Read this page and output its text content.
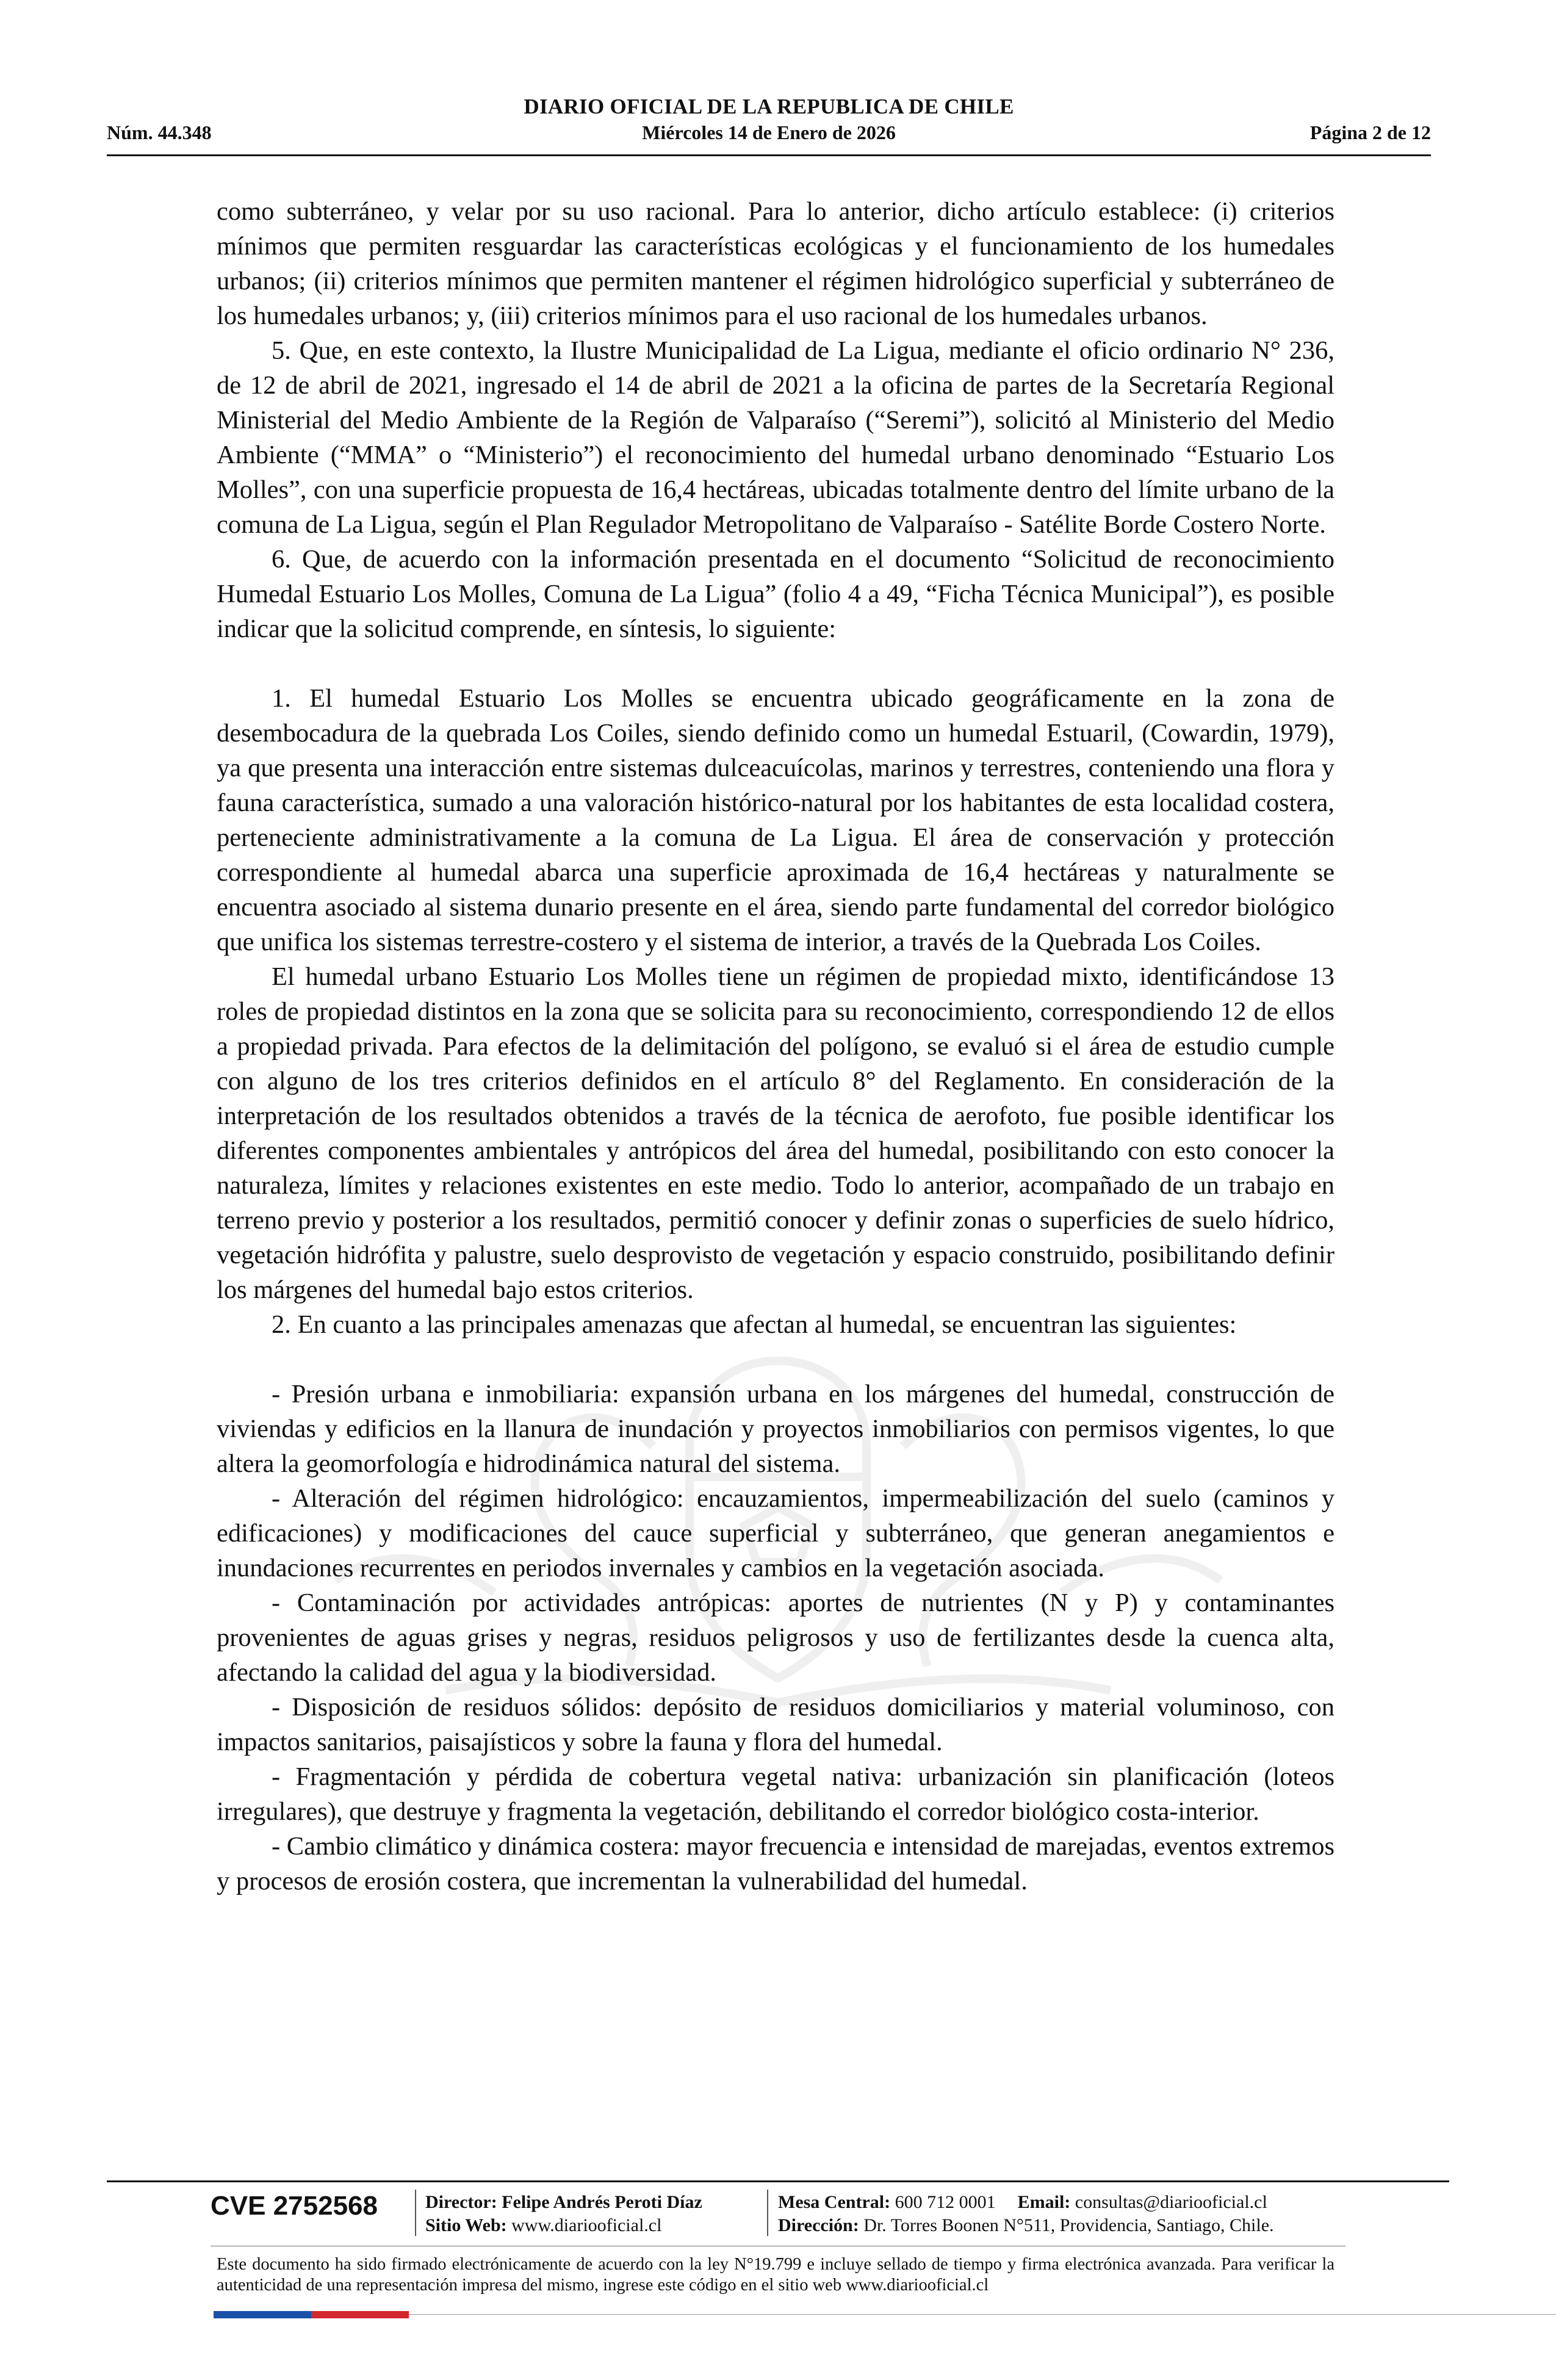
DIARIO OFICIAL DE LA REPUBLICA DE CHILE
Núm. 44.348	Miércoles 14 de Enero de 2026	Página 2 de 12

como subterráneo, y velar por su uso racional. Para lo anterior, dicho artículo establece: (i) criterios mínimos que permiten resguardar las características ecológicas y el funcionamiento de los humedales urbanos; (ii) criterios mínimos que permiten mantener el régimen hidrológico superficial y subterráneo de los humedales urbanos; y, (iii) criterios mínimos para el uso racional de los humedales urbanos.

5. Que, en este contexto, la Ilustre Municipalidad de La Ligua, mediante el oficio ordinario N° 236, de 12 de abril de 2021, ingresado el 14 de abril de 2021 a la oficina de partes de la Secretaría Regional Ministerial del Medio Ambiente de la Región de Valparaíso (“Seremi”), solicitó al Ministerio del Medio Ambiente (“MMA” o “Ministerio”) el reconocimiento del humedal urbano denominado “Estuario Los Molles”, con una superficie propuesta de 16,4 hectáreas, ubicadas totalmente dentro del límite urbano de la comuna de La Ligua, según el Plan Regulador Metropolitano de Valparaíso - Satélite Borde Costero Norte.

6. Que, de acuerdo con la información presentada en el documento “Solicitud de reconocimiento Humedal Estuario Los Molles, Comuna de La Ligua” (folio 4 a 49, “Ficha Técnica Municipal”), es posible indicar que la solicitud comprende, en síntesis, lo siguiente:

1. El humedal Estuario Los Molles se encuentra ubicado geográficamente en la zona de desembocadura de la quebrada Los Coiles, siendo definido como un humedal Estuaril, (Cowardin, 1979), ya que presenta una interacción entre sistemas dulceacuícolas, marinos y terrestres, conteniendo una flora y fauna característica, sumado a una valoración histórico-natural por los habitantes de esta localidad costera, perteneciente administrativamente a la comuna de La Ligua. El área de conservación y protección correspondiente al humedal abarca una superficie aproximada de 16,4 hectáreas y naturalmente se encuentra asociado al sistema dunario presente en el área, siendo parte fundamental del corredor biológico que unifica los sistemas terrestre-costero y el sistema de interior, a través de la Quebrada Los Coiles.

El humedal urbano Estuario Los Molles tiene un régimen de propiedad mixto, identificándose 13 roles de propiedad distintos en la zona que se solicita para su reconocimiento, correspondiendo 12 de ellos a propiedad privada. Para efectos de la delimitación del polígono, se evaluó si el área de estudio cumple con alguno de los tres criterios definidos en el artículo 8° del Reglamento. En consideración de la interpretación de los resultados obtenidos a través de la técnica de aerofoto, fue posible identificar los diferentes componentes ambientales y antrópicos del área del humedal, posibilitando con esto conocer la naturaleza, límites y relaciones existentes en este medio. Todo lo anterior, acompañado de un trabajo en terreno previo y posterior a los resultados, permitió conocer y definir zonas o superficies de suelo hídrico, vegetación hidrófita y palustre, suelo desprovisto de vegetación y espacio construido, posibilitando definir los márgenes del humedal bajo estos criterios.

2. En cuanto a las principales amenazas que afectan al humedal, se encuentran las siguientes:

- Presión urbana e inmobiliaria: expansión urbana en los márgenes del humedal, construcción de viviendas y edificios en la llanura de inundación y proyectos inmobiliarios con permisos vigentes, lo que altera la geomorfología e hidrodinámica natural del sistema.

- Alteración del régimen hidrológico: encauzamientos, impermeabilización del suelo (caminos y edificaciones) y modificaciones del cauce superficial y subterráneo, que generan anegamientos e inundaciones recurrentes en periodos invernales y cambios en la vegetación asociada.

- Contaminación por actividades antrópicas: aportes de nutrientes (N y P) y contaminantes provenientes de aguas grises y negras, residuos peligrosos y uso de fertilizantes desde la cuenca alta, afectando la calidad del agua y la biodiversidad.

- Disposición de residuos sólidos: depósito de residuos domiciliarios y material voluminoso, con impactos sanitarios, paisajísticos y sobre la fauna y flora del humedal.

- Fragmentación y pérdida de cobertura vegetal nativa: urbanización sin planificación (loteos irregulares), que destruye y fragmenta la vegetación, debilitando el corredor biológico costa-interior.

- Cambio climático y dinámica costera: mayor frecuencia e intensidad de marejadas, eventos extremos y procesos de erosión costera, que incrementan la vulnerabilidad del humedal.

CVE 2752568	Director: Felipe Andrés Peroti Díaz
Sitio Web: www.diariooficial.cl
Mesa Central: 600 712 0001 Email: consultas@diariooficial.cl
Dirección: Dr. Torres Boonen N°511, Providencia, Santiago, Chile.
Este documento ha sido firmado electrónicamente de acuerdo con la ley N°19.799 e incluye sellado de tiempo y firma electrónica avanzada. Para verificar la autenticidad de una representación impresa del mismo, ingrese este código en el sitio web www.diariooficial.cl
